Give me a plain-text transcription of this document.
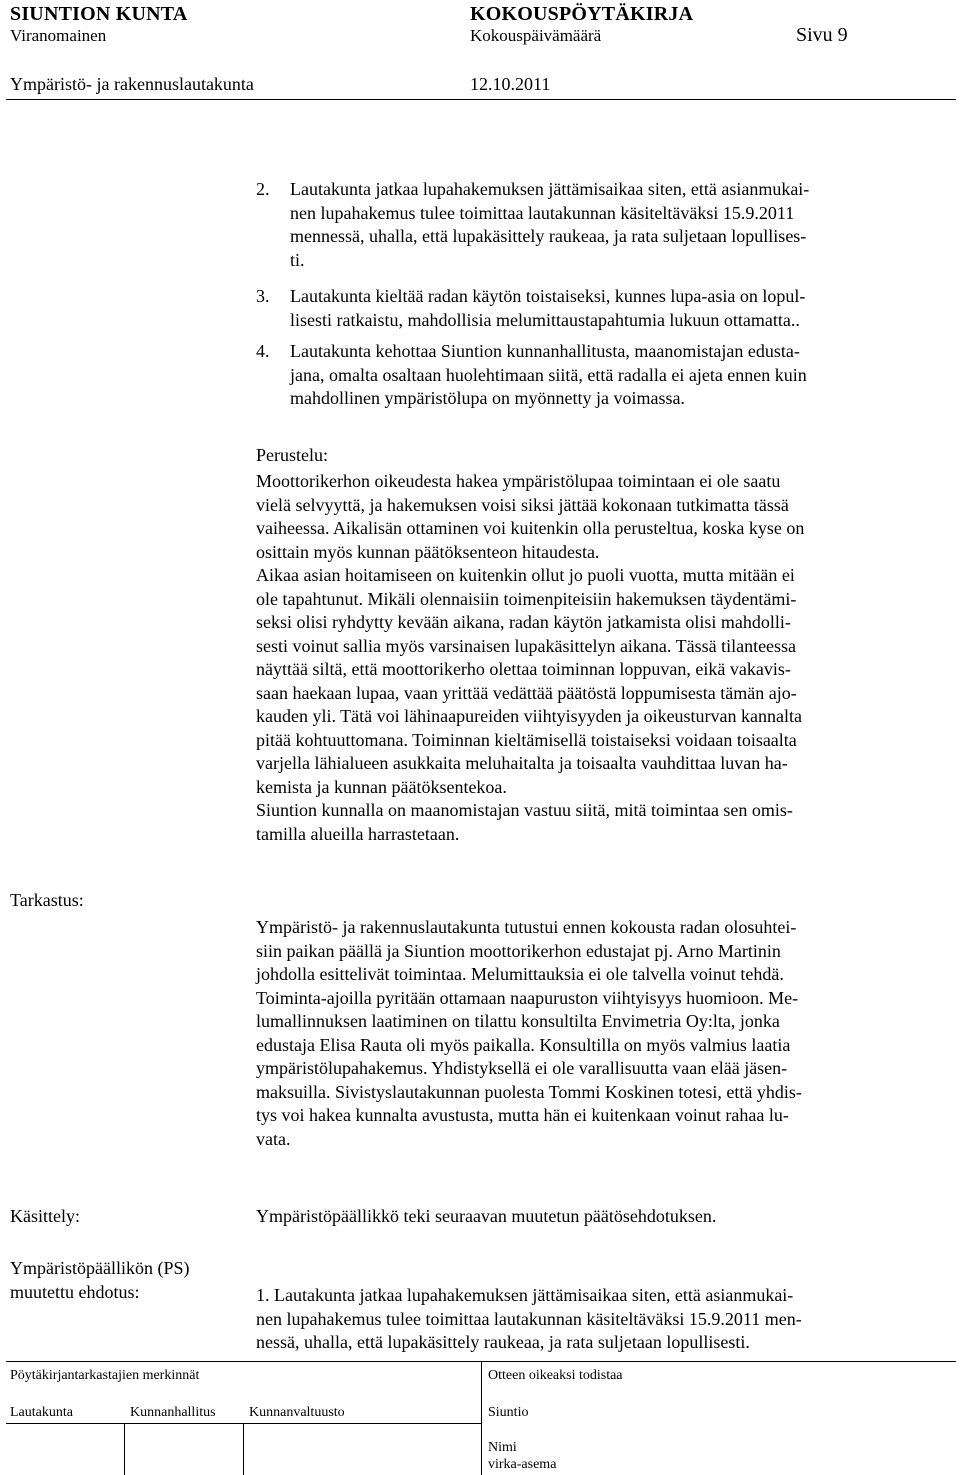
SIUNTION KUNTA	KOKOUSPÖYTÄKIRJA
Viranomainen	Kokouspäivämäärä	Sivu 9
Ympäristö- ja rakennuslautakunta	12.10.2011
2. Lautakunta jatkaa lupahakemuksen jättämisaikaa siten, että asianmukai-
nen lupahakemus tulee toimittaa lautakunnan käsiteltäväksi 15.9.2011
mennessä, uhalla, että lupakäsittely raukeaa, ja rata suljetaan lopullises-
ti.
3. Lautakunta kieltää radan käytön toistaiseksi, kunnes lupa-asia on lopul-
lisesti ratkaistu, mahdollisia melumittaustapahtumia lukuun ottamatta..
4. Lautakunta kehottaa Siuntion kunnanhallitusta, maanomistajan edusta-
jana, omalta osaltaan huolehtimaan siitä, että radalla ei ajeta ennen kuin
mahdollinen ympäristölupa on myönnetty ja voimassa.
Perustelu:
Moottorikerhon oikeudesta hakea ympäristölupaa toimintaan ei ole saatu
vielä selvyyttä, ja hakemuksen voisi siksi jättää kokonaan tutkimatta tässä
vaiheessa. Aikalisän ottaminen voi kuitenkin olla perusteltua, koska kyse on
osittain myös kunnan päätöksenteon hitaudesta.
Aikaa asian hoitamiseen on kuitenkin ollut jo puoli vuotta, mutta mitään ei
ole tapahtunut. Mikäli olennaisiin toimenpiteisiin hakemuksen täydentämi-
seksi olisi ryhdytty kevään aikana, radan käytön jatkamista olisi mahdolli-
sesti voinut sallia myös varsinaisen lupakäsittelyn aikana. Tässä tilanteessa
näyttää siltä, että moottorikerho olettaa toiminnan loppuvan, eikä vakavis-
saan haekaan lupaa, vaan yrittää vedättää päätöstä loppumisesta tämän ajo-
kauden yli. Tätä voi lähinaapureiden viihtyisyyden ja oikeusturvan kannalta
pitää kohtuuttomana. Toiminnan kieltämisellä toistaiseksi voidaan toisaalta
varjella lähialueen asukkaita meluhaitalta ja toisaalta vauhdittaa luvan ha-
kemista ja kunnan päätöksentekoa.
Siuntion kunnalla on maanomistajan vastuu siitä, mitä toimintaa sen omis-
tamilla alueilla harrastetaan.
Tarkastus:
Ympäristö- ja rakennuslautakunta tutustui ennen kokousta radan olosuhtei-
siin paikan päällä ja Siuntion moottorikerhon edustajat pj. Arno Martinin
johdolla esittelivät toimintaa. Melumittauksia ei ole talvella voinut tehdä.
Toiminta-ajoilla pyritään ottamaan naapuruston viihtyisyys huomioon. Me-
lumallinnuksen laatiminen on tilattu konsultilta Envimetria Oy:lta, jonka
edustaja Elisa Rauta oli myös paikalla. Konsultilla on myös valmius laatia
ympäristölupahakemus. Yhdistyksellä ei ole varallisuutta vaan elää jäsen-
maksuilla. Sivistyslautakunnan puolesta Tommi Koskinen totesi, että yhdis-
tys voi hakea kunnalta avustusta, mutta hän ei kuitenkaan voinut rahaa lu-
vata.
Käsittely:	Ympäristöpäällikkö teki seuraavan muutetun päätösehdotuksen.
Ympäristöpäällikön (PS)
muutettu ehdotus:	1. Lautakunta jatkaa lupahakemuksen jättämisaikaa siten, että asianmukai-
nen lupahakemus tulee toimittaa lautakunnan käsiteltäväksi 15.9.2011 men-
nessä, uhalla, että lupakäsittely raukeaa, ja rata suljetaan lopullisesti.
Pöytäkirjantarkastajien merkinnät	Otteen oikeaksi todistaa
Lautakunta	Kunnanhallitus Kunnanvaltuusto	Siuntio
Nimi
virka-asema
